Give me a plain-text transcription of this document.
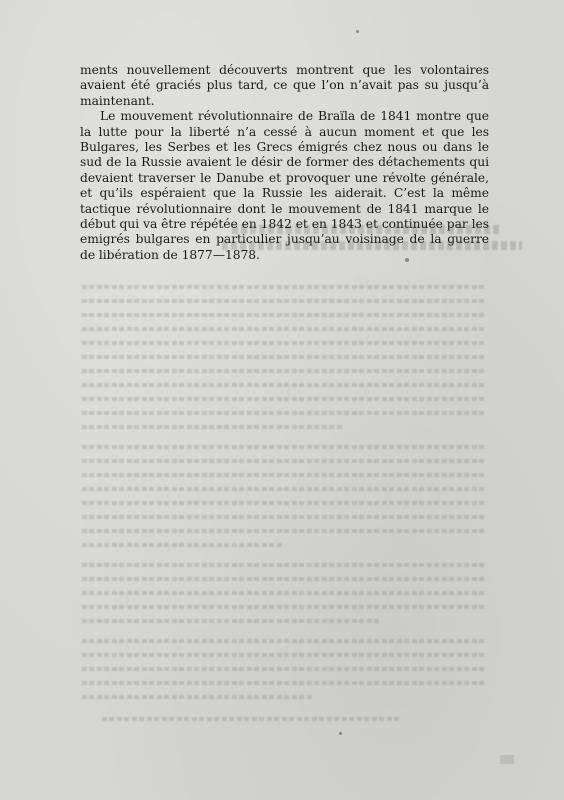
ments nouvellement découverts montrent que les volontaires avaient été graciés plus tard, ce que l’on n’avait pas su jusqu’à maintenant.

Le mouvement révolutionnaire de Braïla de 1841 montre que la lutte pour la liberté n’a cessé à aucun moment et que les Bulgares, les Serbes et les Grecs émigrés chez nous ou dans le sud de la Russie avaient le désir de former des détachements qui devaient traverser le Danube et provoquer une révolte générale, et qu’ils espéraient que la Russie les aiderait. C’est la même tactique révolutionnaire dont le mouvement de 1841 marque le début qui va être répétée en 1842 et en 1843 et continuée par les emigrés bulgares en particulier jusqu’au voisinage de la guerre de libération de 1877—1878.
